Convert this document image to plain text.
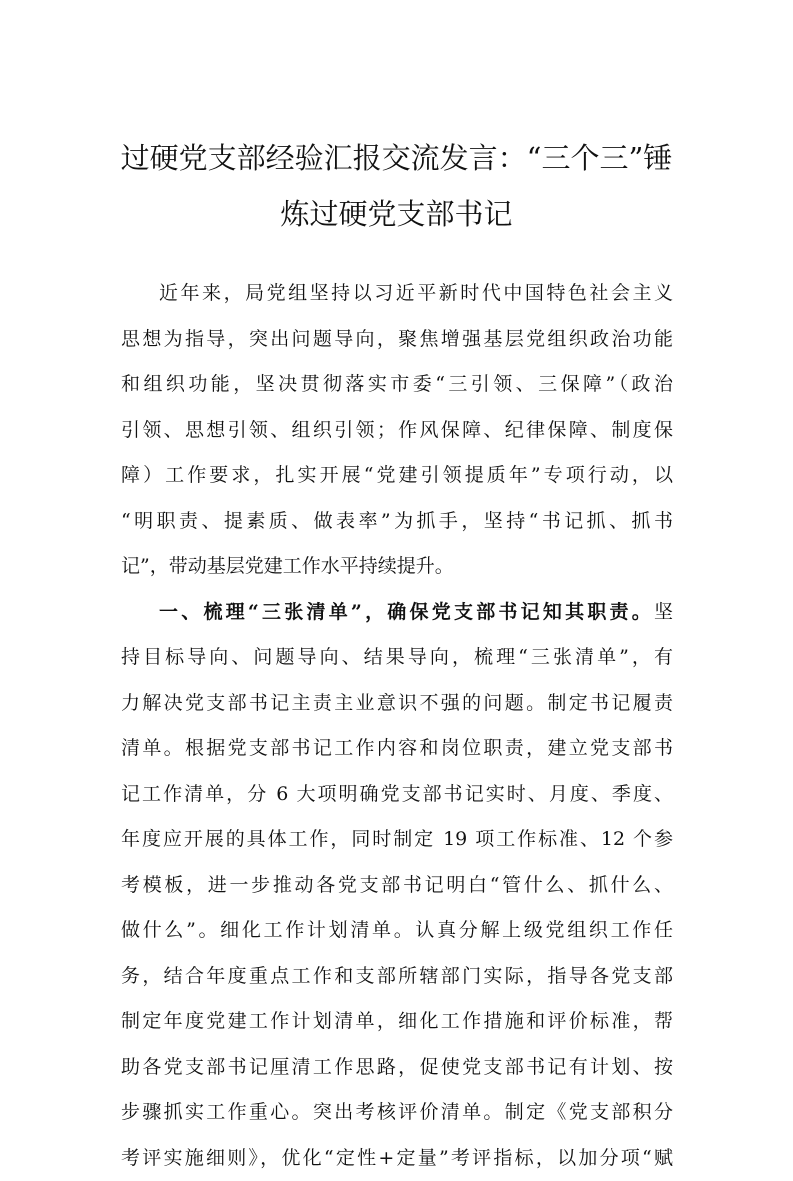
过硬党支部经验汇报交流发言：“三个三”锤
炼过硬党支部书记
近年来，局党组坚持以习近平新时代中国特色社会主义
思想为指导，突出问题导向，聚焦增强基层党组织政治功能
和组织功能，坚决贯彻落实市委“三引领、三保障”（政治
引领、思想引领、组织引领；作风保障、纪律保障、制度保
障）工作要求，扎实开展“党建引领提质年”专项行动，以
“明职责、提素质、做表率”为抓手，坚持“书记抓、抓书
记”，带动基层党建工作水平持续提升。
一、梳理“三张清单”，确保党支部书记知其职责。坚
持目标导向、问题导向、结果导向，梳理“三张清单”，有
力解决党支部书记主责主业意识不强的问题。制定书记履责
清单。根据党支部书记工作内容和岗位职责，建立党支部书
记工作清单，分 6 大项明确党支部书记实时、月度、季度、
年度应开展的具体工作，同时制定 19 项工作标准、12 个参
考模板，进一步推动各党支部书记明白“管什么、抓什么、
做什么”。细化工作计划清单。认真分解上级党组织工作任
务，结合年度重点工作和支部所辖部门实际，指导各党支部
制定年度党建工作计划清单，细化工作措施和评价标准，帮
助各党支部书记厘清工作思路，促使党支部书记有计划、按
步骤抓实工作重心。突出考核评价清单。制定《党支部积分
考评实施细则》，优化“定性+定量”考评指标，以加分项“赋
